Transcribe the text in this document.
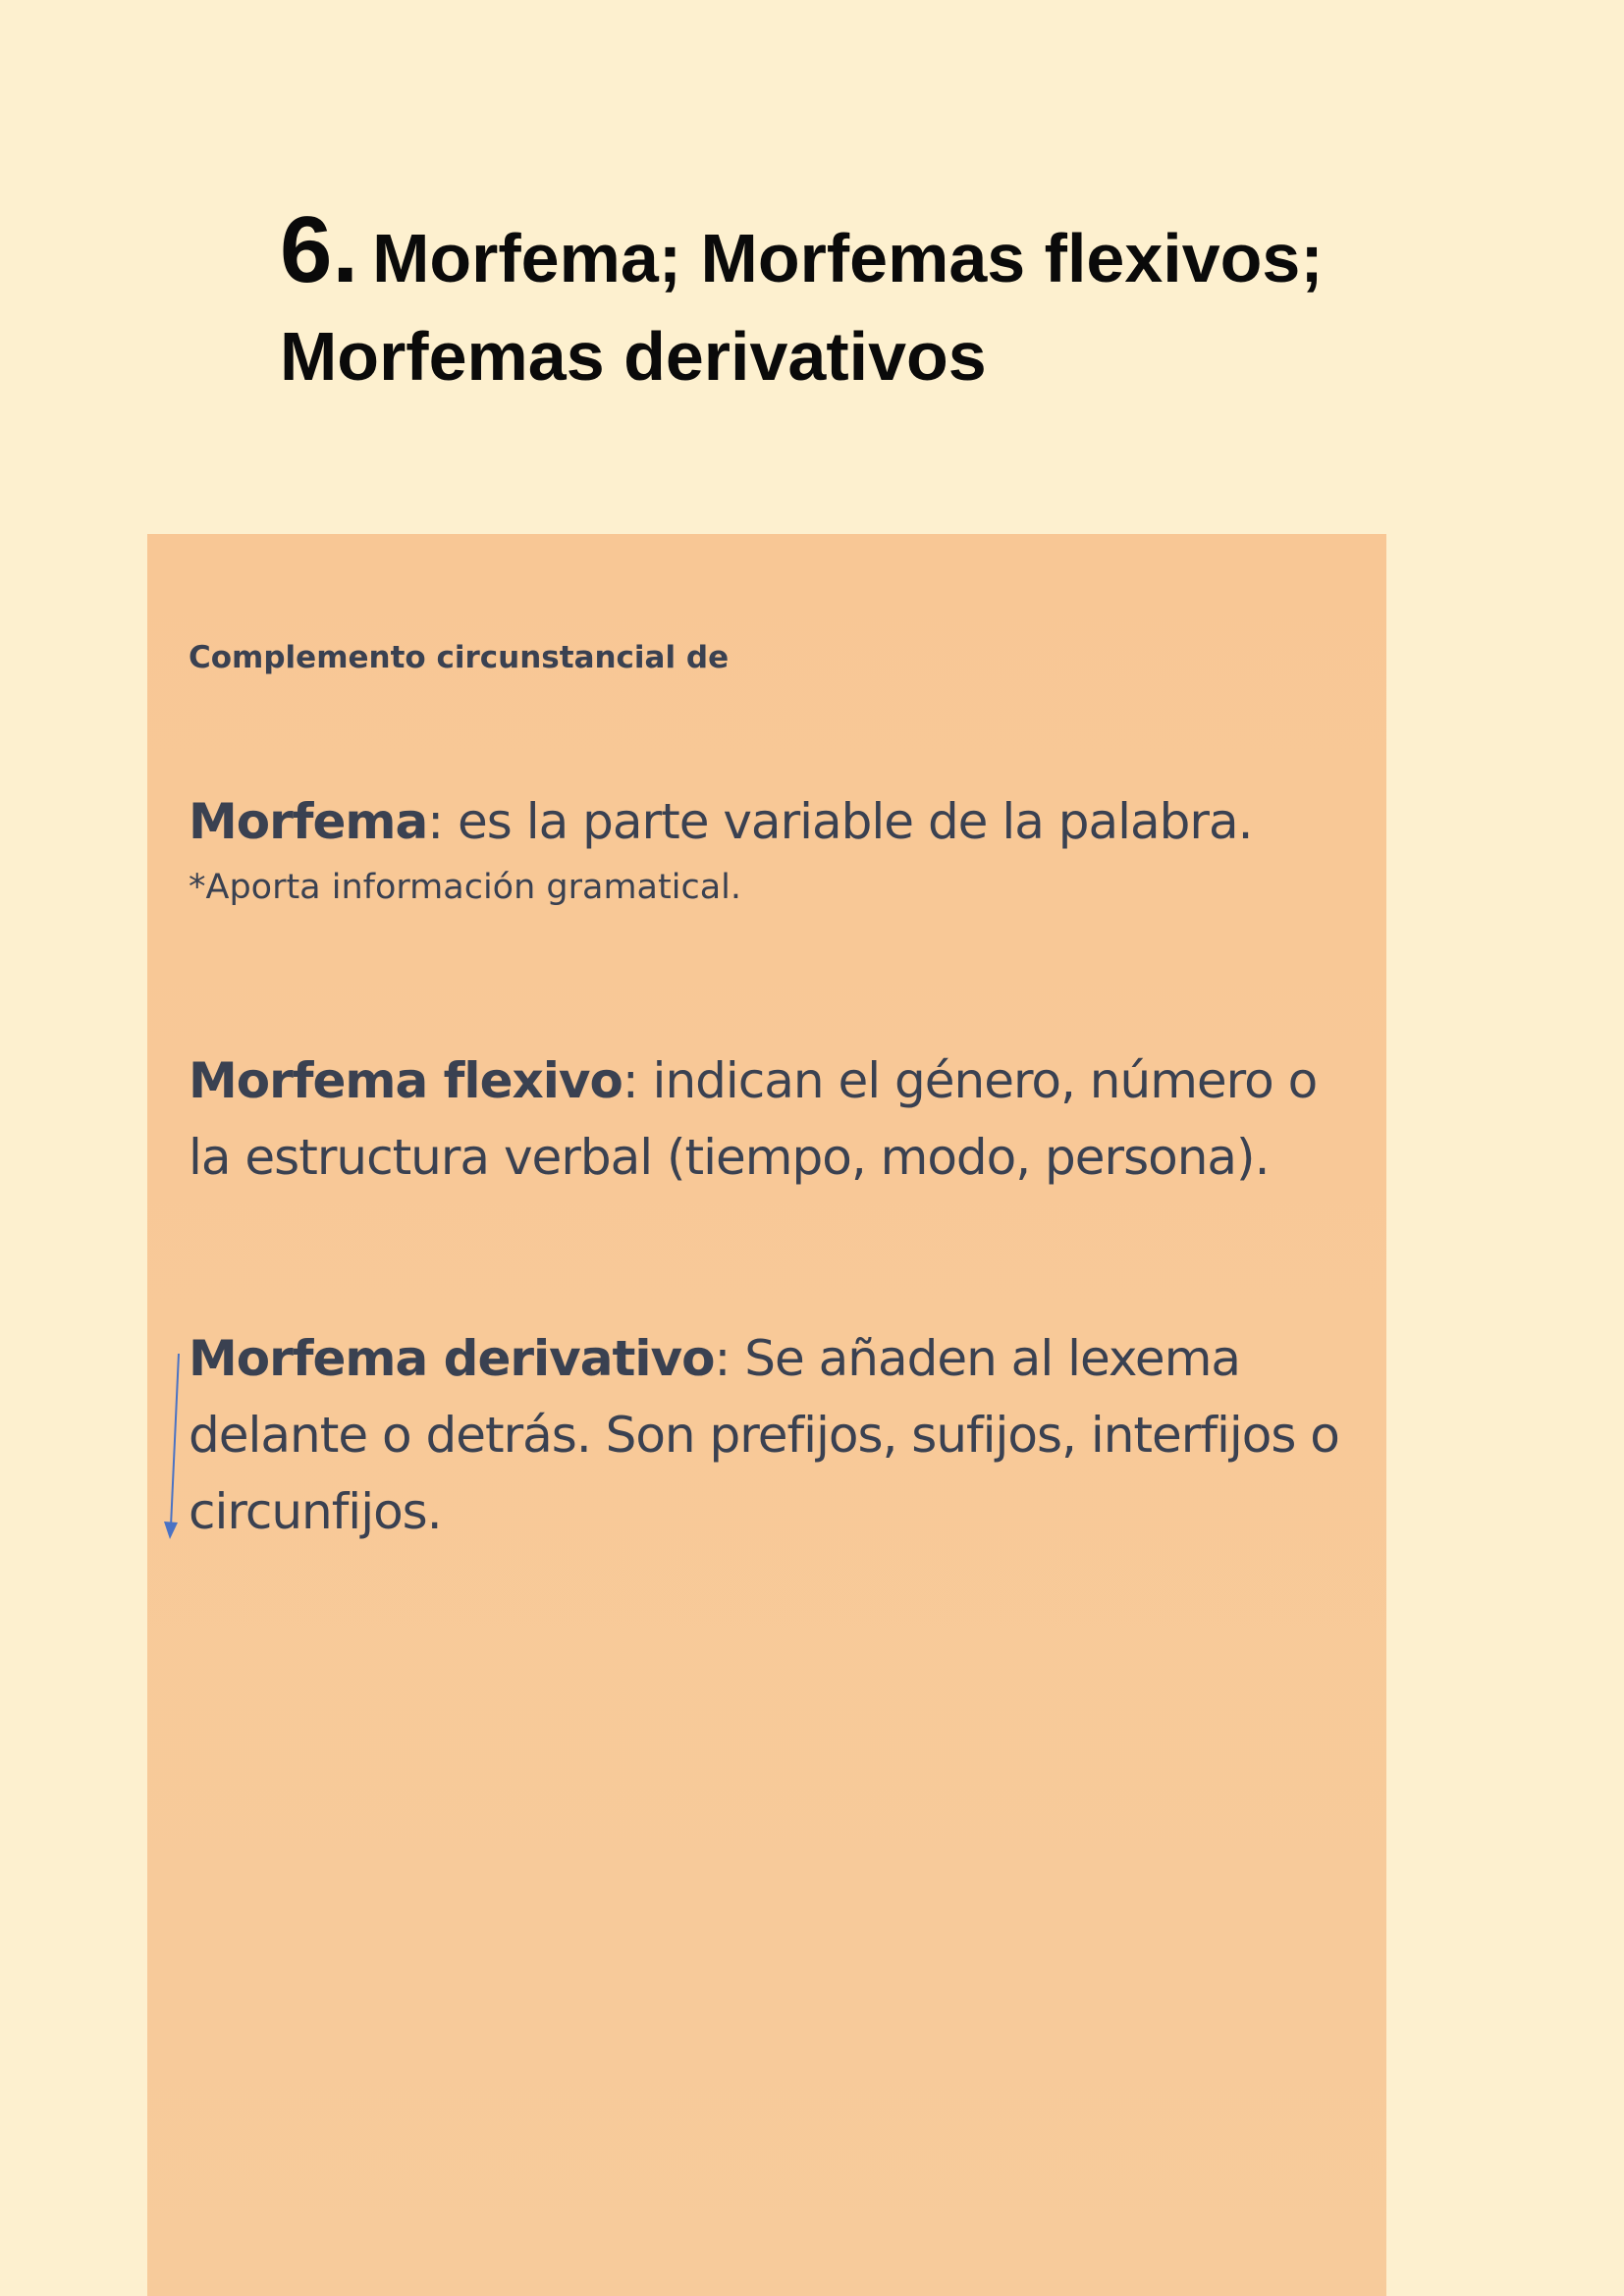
6. Morfema; Morfemas flexivos; Morfemas derivativos

Complemento circunstancial de

Morfema: es la parte variable de la palabra.

*Aporta información gramatical.

Morfema flexivo: indican el género, número o la estructura verbal (tiempo, modo, persona).

Morfema derivativo: Se añaden al lexema delante o detrás. Son prefijos, sufijos, interfijos o circunfijos.
